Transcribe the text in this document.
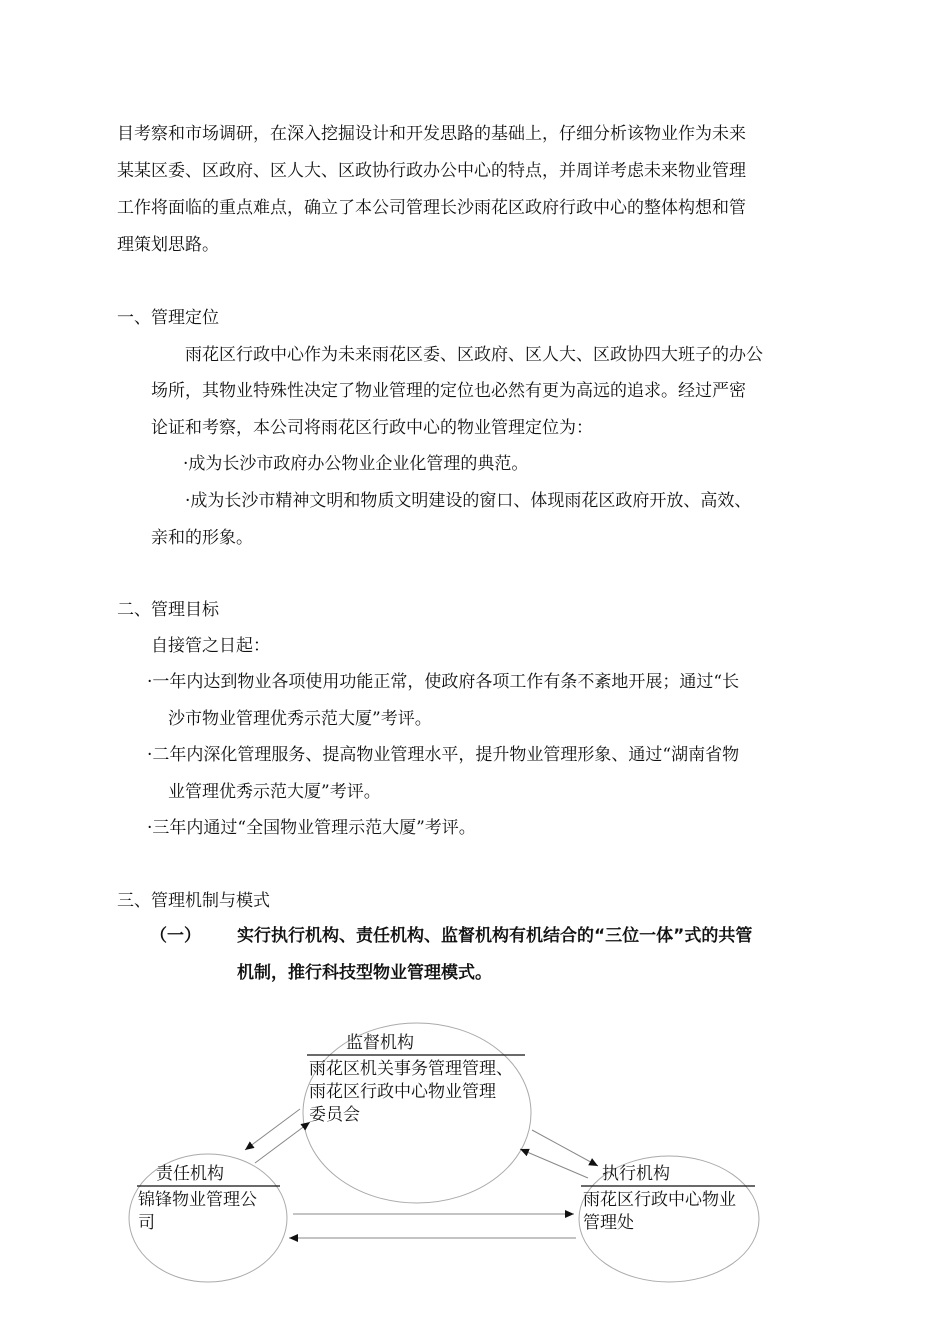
目考察和市场调研，在深入挖掘设计和开发思路的基础上，仔细分析该物业作为未来
某某区委、区政府、区人大、区政协行政办公中心的特点，并周详考虑未来物业管理
工作将面临的重点难点，确立了本公司管理长沙雨花区政府行政中心的整体构想和管
理策划思路。
一、管理定位
雨花区行政中心作为未来雨花区委、区政府、区人大、区政协四大班子的办公
场所，其物业特殊性决定了物业管理的定位也必然有更为高远的追求。经过严密
论证和考察，本公司将雨花区行政中心的物业管理定位为：
·成为长沙市政府办公物业企业化管理的典范。
·成为长沙市精神文明和物质文明建设的窗口、体现雨花区政府开放、高效、
亲和的形象。
二、管理目标
自接管之日起：
·一年内达到物业各项使用功能正常，使政府各项工作有条不紊地开展；通过“长
沙市物业管理优秀示范大厦”考评。
·二年内深化管理服务、提高物业管理水平，提升物业管理形象、通过“湖南省物
业管理优秀示范大厦”考评。
·三年内通过“全国物业管理示范大厦”考评。
三、管理机制与模式
（一） 实行执行机构、责任机构、监督机构有机结合的“三位一体”式的共管
机制，推行科技型物业管理模式。
监督机构
雨花区机关事务管理管理、
雨花区行政中心物业管理
委员会
责任机构
锦锋物业管理公
司
执行机构
雨花区行政中心物业
管理处
